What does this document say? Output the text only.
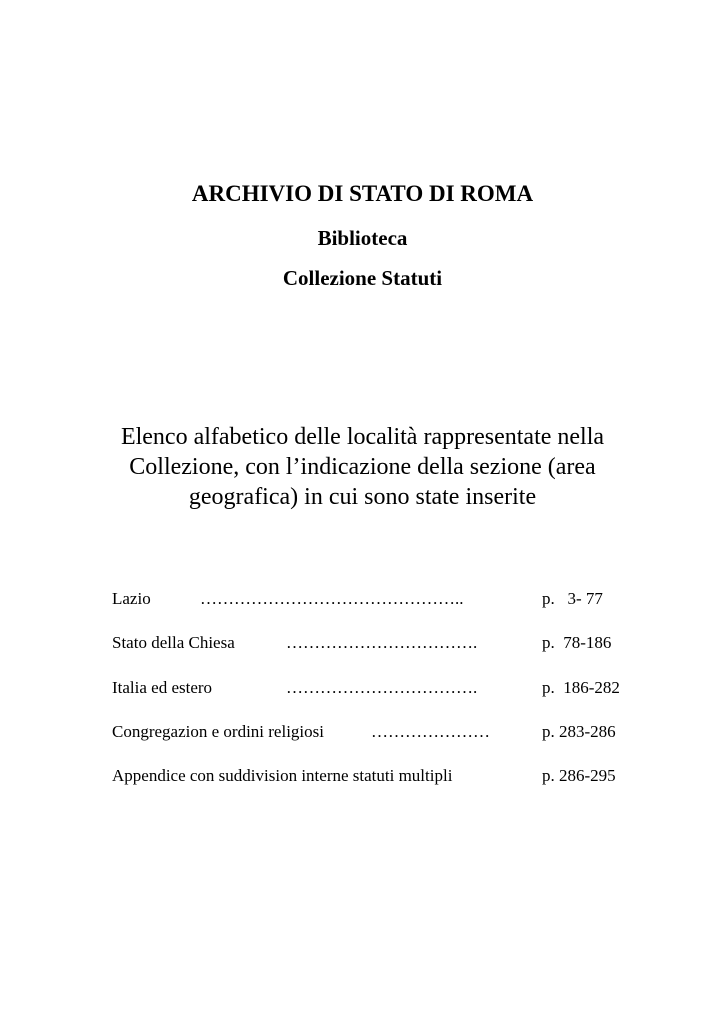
ARCHIVIO DI STATO DI ROMA
Biblioteca
Collezione Statuti
Elenco alfabetico delle località rappresentate nella
Collezione, con l’indicazione della sezione (area
geografica) in cui sono state inserite
Lazio	………………………………………..	p.   3- 77
Stato della Chiesa	…………………………….	p.  78-186
Italia ed estero	…………………………….	p.  186-282
Congregazion e ordini religiosi	…………………	p. 283-286
Appendice con suddivision interne statuti multipli	p. 286-295
